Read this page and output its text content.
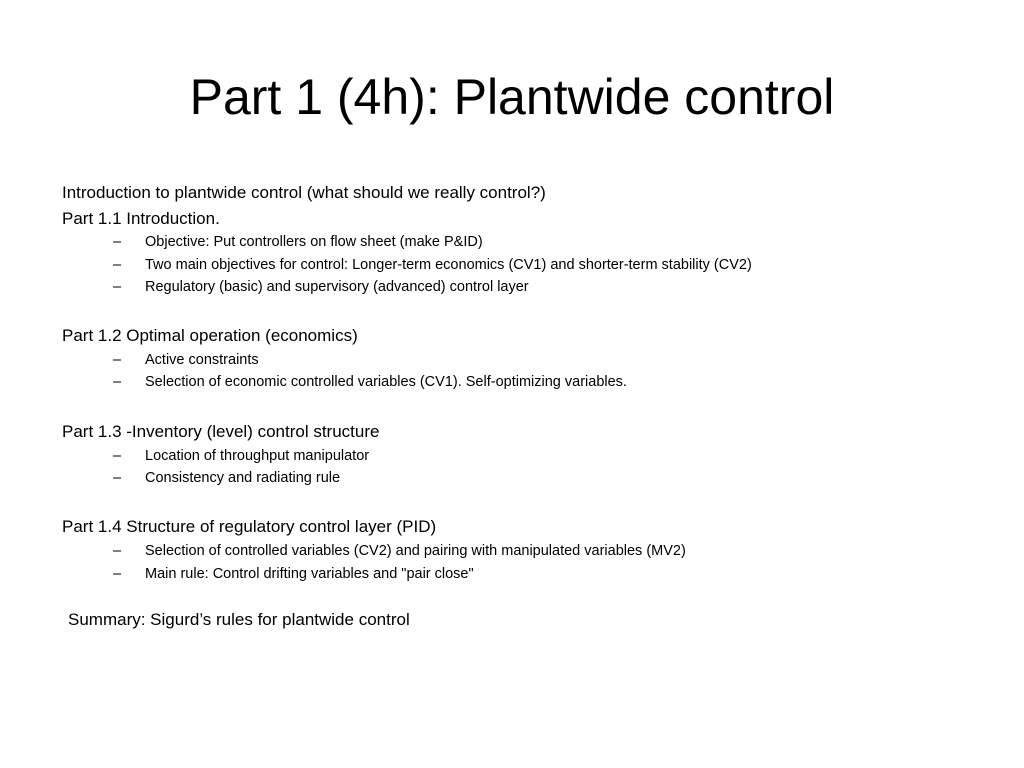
Part 1 (4h): Plantwide control
Introduction to plantwide control (what should we really control?)
Part 1.1 Introduction.
– Objective: Put controllers on flow sheet (make P&ID)
– Two main objectives for control: Longer-term economics (CV1) and shorter-term stability (CV2)
– Regulatory (basic) and supervisory (advanced) control layer
Part 1.2 Optimal operation (economics)
– Active constraints
– Selection of economic controlled variables (CV1). Self-optimizing variables.
Part 1.3 -Inventory (level) control structure
– Location of throughput manipulator
– Consistency and radiating rule
Part 1.4 Structure of regulatory control layer (PID)
– Selection of controlled variables (CV2) and pairing with manipulated variables (MV2)
– Main rule: Control drifting variables and "pair close"
Summary: Sigurd’s rules for plantwide control
